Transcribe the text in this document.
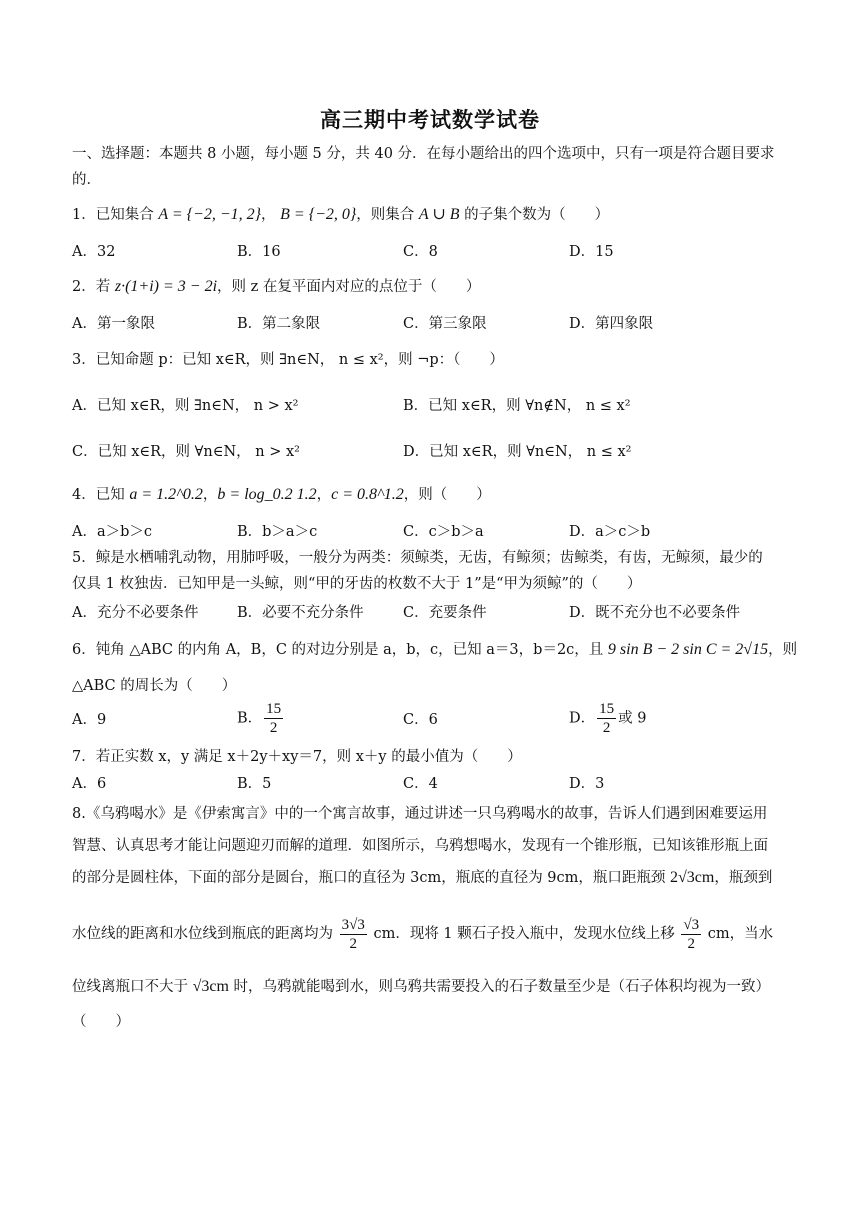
高三期中考试数学试卷
一、选择题：本题共 8 小题，每小题 5 分，共 40 分．在每小题给出的四个选项中，只有一项是符合题目要求
的．
1．已知集合 A = {−2, −1, 2}， B = {−2, 0}，则集合 A ∪ B 的子集个数为（　　）
A．32	B．16	C．8	D．15
2．若 z·(1+i) = 3 − 2i，则 z 在复平面内对应的点位于（　　）
A．第一象限	B．第二象限	C．第三象限	D．第四象限
3．已知命题 p：已知 x∈R，则 ∃n∈N， n ≤ x²，则 ¬p：（　　）
A．已知 x∈R，则 ∃n∈N， n > x²	B．已知 x∈R，则 ∀n∉N， n ≤ x²
C．已知 x∈R，则 ∀n∈N， n > x²	D．已知 x∈R，则 ∀n∈N， n ≤ x²
4．已知 a = 1.2^0.2，b = log_0.2 1.2，c = 0.8^1.2，则（　　）
A．a＞b＞c	B．b＞a＞c	C．c＞b＞a	D．a＞c＞b
5．鲸是水栖哺乳动物，用肺呼吸，一般分为两类：须鲸类，无齿，有鲸须；齿鲸类，有齿，无鲸须，最少的
仅具 1 枚独齿．已知甲是一头鲸，则“甲的牙齿的枚数不大于 1”是“甲为须鲸”的（　　）
A．充分不必要条件	B．必要不充分条件	C．充要条件	D．既不充分也不必要条件
6．钝角 △ABC 的内角 A，B，C 的对边分别是 a，b，c，已知 a＝3，b＝2c，且 9 sin B − 2 sin C = 2√15，则
△ABC 的周长为（　　）
A．9	B． $\frac{15}{2}$	C．6	D． $\frac{15}{2}$ 或 9
7．若正实数 x，y 满足 x＋2y＋xy＝7，则 x＋y 的最小值为（　　）
A．6	B．5	C．4	D．3
8.《乌鸦喝水》是《伊索寓言》中的一个寓言故事，通过讲述一只乌鸦喝水的故事，告诉人们遇到困难要运用
智慧、认真思考才能让问题迎刃而解的道理．如图所示，乌鸦想喝水，发现有一个锥形瓶，已知该锥形瓶上面
的部分是圆柱体，下面的部分是圆台，瓶口的直径为 3cm，瓶底的直径为 9cm，瓶口距瓶颈 2√3cm，瓶颈到
水位线的距离和水位线到瓶底的距离均为 $\frac{3√3}{2}$ cm．现将 1 颗石子投入瓶中，发现水位线上移 $\frac{√3}{2}$ cm，当水
位线离瓶口不大于 √3cm 时，乌鸦就能喝到水，则乌鸦共需要投入的石子数量至少是（石子体积均视为一致）
（　　）
